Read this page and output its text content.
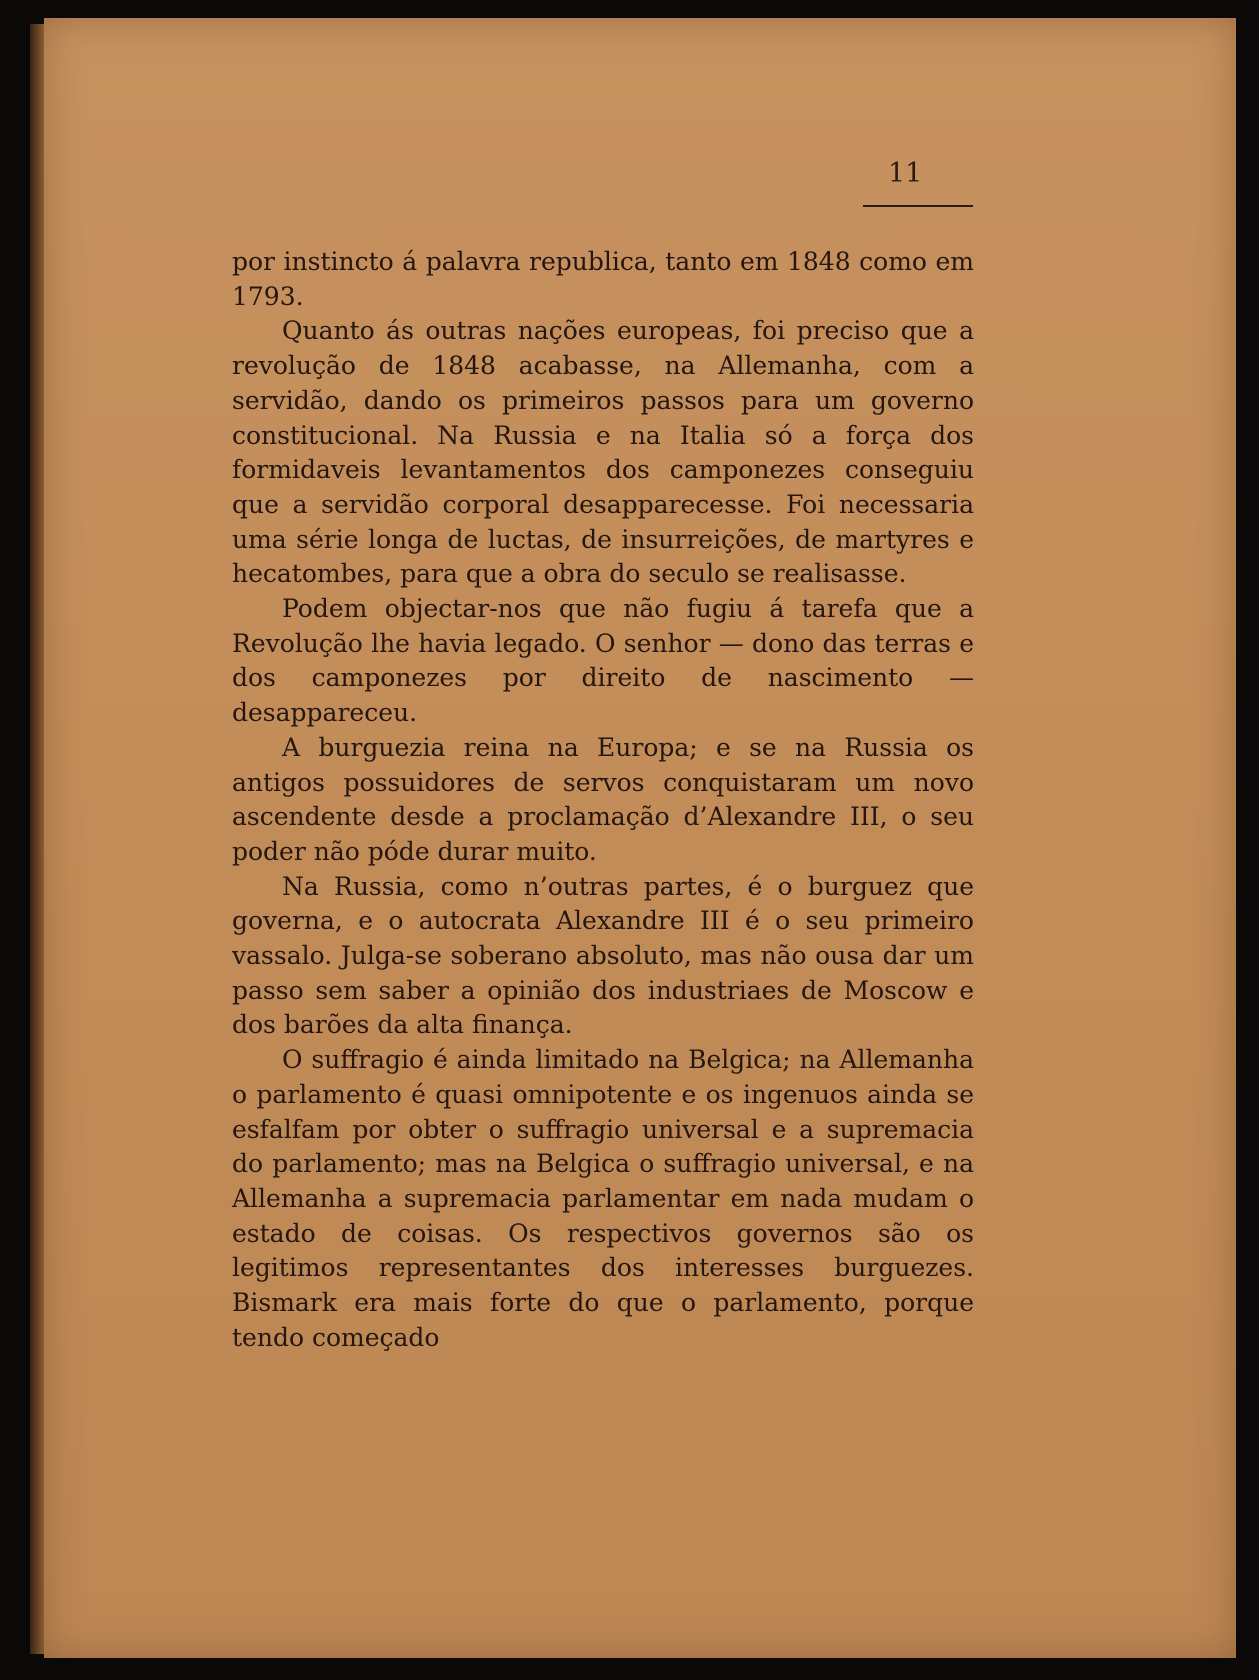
11

por instincto á palavra republica, tanto em 1848 como em 1793.

Quanto ás outras nações europeas, foi preciso que a revolução de 1848 acabasse, na Allemanha, com a servidão, dando os primeiros passos para um governo constitucional. Na Russia e na Italia só a força dos formidaveis levantamentos dos camponezes conseguiu que a servidão corporal desapparecesse. Foi necessaria uma série longa de luctas, de insurreições, de martyres e hecatombes, para que a obra do seculo se realisasse.

Podem objectar-nos que não fugiu á tarefa que a Revolução lhe havia legado. O senhor — dono das terras e dos camponezes por direito de nascimento — desappareceu.

A burguezia reina na Europa; e se na Russia os antigos possuidores de servos conquistaram um novo ascendente desde a proclamação d’Alexandre III, o seu poder não póde durar muito.

Na Russia, como n’outras partes, é o burguez que governa, e o autocrata Alexandre III é o seu primeiro vassalo. Julga-se soberano absoluto, mas não ousa dar um passo sem saber a opinião dos industriaes de Moscow e dos barões da alta finança.

O suffragio é ainda limitado na Belgica; na Allemanha o parlamento é quasi omnipotente e os ingenuos ainda se esfalfam por obter o suffragio universal e a supremacia do parlamento; mas na Belgica o suffragio universal, e na Allemanha a supremacia parlamentar em nada mudam o estado de coisas. Os respectivos governos são os legitimos representantes dos interesses burguezes. Bismark era mais forte do que o parlamento, porque tendo começado
